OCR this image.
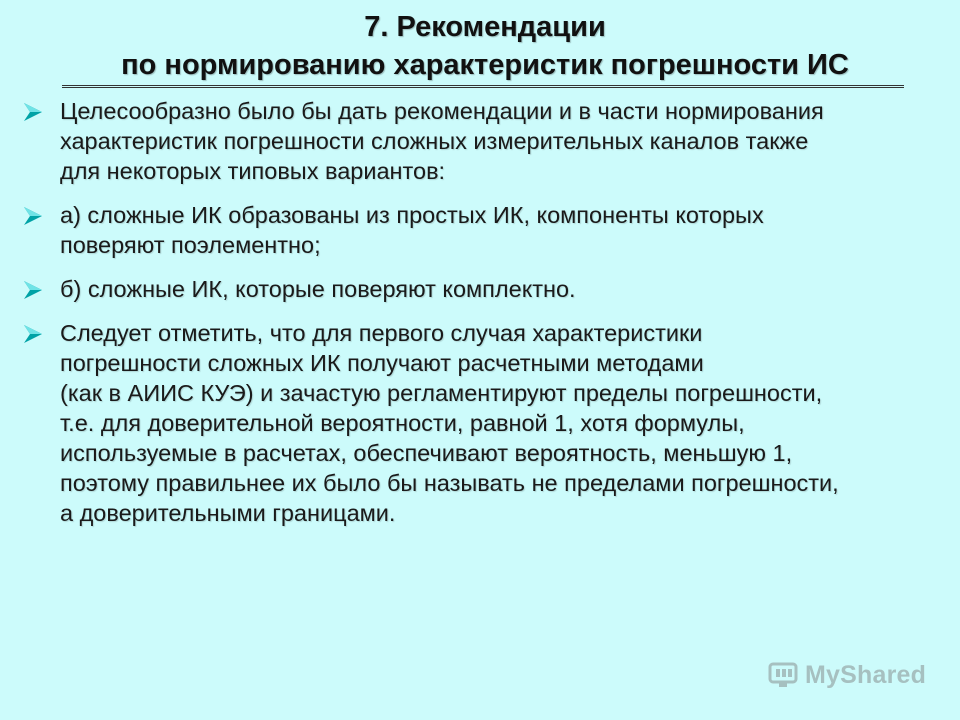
7. Рекомендации
по нормированию характеристик погрешности ИС
Целесообразно было бы дать рекомендации и в части нормирования
характеристик погрешности сложных измерительных каналов также
для некоторых типовых вариантов:
а) сложные ИК образованы из простых ИК, компоненты которых
поверяют поэлементно;
б) сложные ИК, которые поверяют комплектно.
Следует отметить, что для первого случая характеристики
погрешности сложных ИК получают расчетными методами
(как в АИИС КУЭ) и зачастую регламентируют пределы погрешности,
т.е. для доверительной вероятности, равной 1, хотя формулы,
используемые в расчетах, обеспечивают вероятность, меньшую 1,
поэтому правильнее их было бы называть не пределами погрешности,
а доверительными границами.
MyShared
